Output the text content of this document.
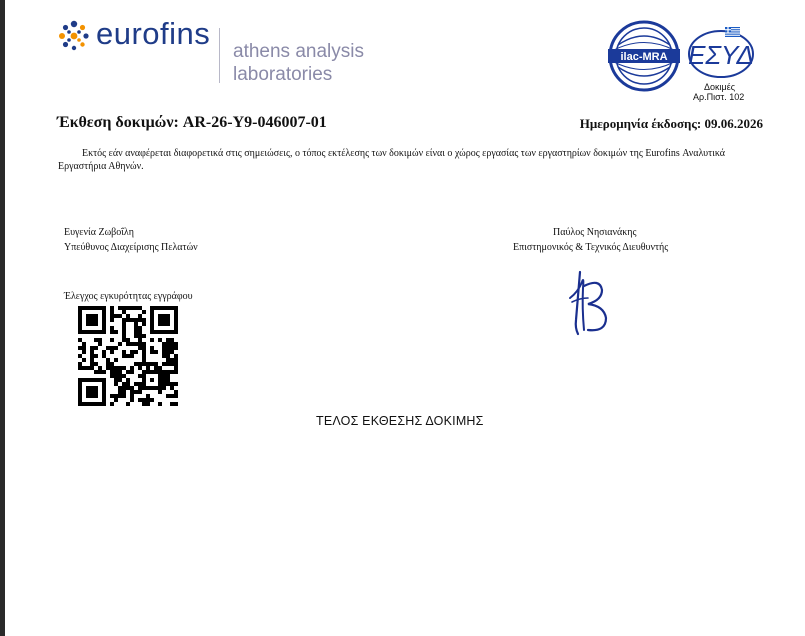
eurofins
athens analysis
laboratories
ilac-MRA ΕΣΥΔ
Δοκιμές
Αρ.Πιστ. 102
Έκθεση δοκιμών: AR-26-Y9-046007-01	Ημερομηνία έκδοσης: 09.06.2026

Εκτός εάν αναφέρεται διαφορετικά στις σημειώσεις, ο τόπος εκτέλεσης των δοκιμών είναι ο χώρος εργασίας των εργαστηρίων δοκιμών της Eurofins Αναλυτικά Εργαστήρια Αθηνών.

Ευγενία Ζωβοΐλη
Υπεύθυνος Διαχείρισης Πελατών
Παύλος Νησιανάκης
Επιστημονικός & Τεχνικός Διευθυντής
Έλεγχος εγκυρότητας εγγράφου
ΤΕΛΟΣ ΕΚΘΕΣΗΣ ΔΟΚΙΜΗΣ
